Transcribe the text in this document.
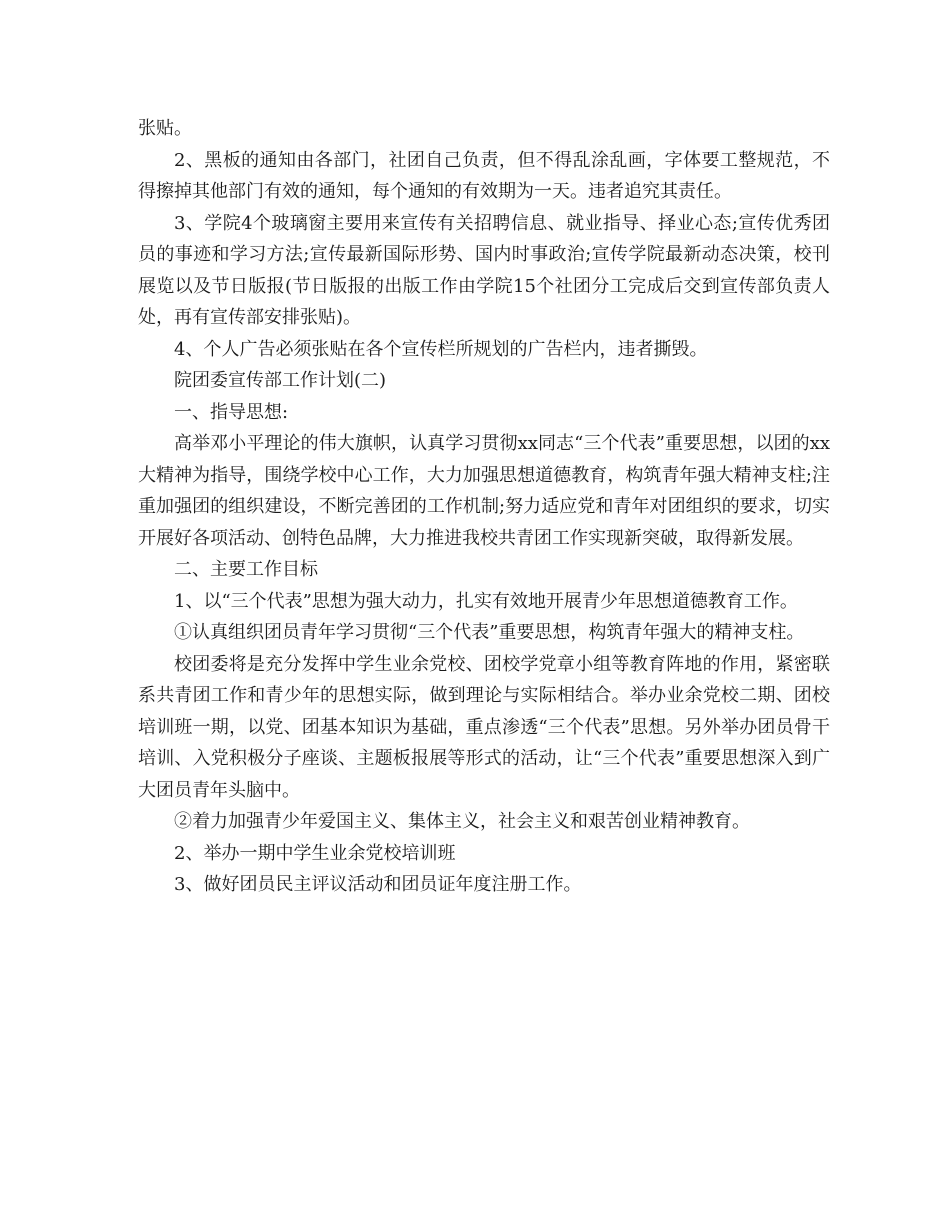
张贴。

2、黑板的通知由各部门，社团自己负责，但不得乱涂乱画，字体要工整规范，不得擦掉其他部门有效的通知，每个通知的有效期为一天。违者追究其责任。

3、学院4个玻璃窗主要用来宣传有关招聘信息、就业指导、择业心态;宣传优秀团员的事迹和学习方法;宣传最新国际形势、国内时事政治;宣传学院最新动态决策，校刊展览以及节日版报(节日版报的出版工作由学院15个社团分工完成后交到宣传部负责人处，再有宣传部安排张贴)。

4、个人广告必须张贴在各个宣传栏所规划的广告栏内，违者撕毁。

院团委宣传部工作计划(二)

一、指导思想:

高举邓小平理论的伟大旗帜，认真学习贯彻xx同志“三个代表”重要思想，以团的xx大精神为指导，围绕学校中心工作，大力加强思想道德教育，构筑青年强大精神支柱;注重加强团的组织建设，不断完善团的工作机制;努力适应党和青年对团组织的要求，切实开展好各项活动、创特色品牌，大力推进我校共青团工作实现新突破，取得新发展。

二、主要工作目标

1、以“三个代表”思想为强大动力，扎实有效地开展青少年思想道德教育工作。

①认真组织团员青年学习贯彻“三个代表”重要思想，构筑青年强大的精神支柱。

校团委将是充分发挥中学生业余党校、团校学党章小组等教育阵地的作用，紧密联系共青团工作和青少年的思想实际，做到理论与实际相结合。举办业余党校二期、团校培训班一期，以党、团基本知识为基础，重点渗透“三个代表”思想。另外举办团员骨干培训、入党积极分子座谈、主题板报展等形式的活动，让“三个代表”重要思想深入到广大团员青年头脑中。

②着力加强青少年爱国主义、集体主义，社会主义和艰苦创业精神教育。

2、举办一期中学生业余党校培训班

3、做好团员民主评议活动和团员证年度注册工作。
